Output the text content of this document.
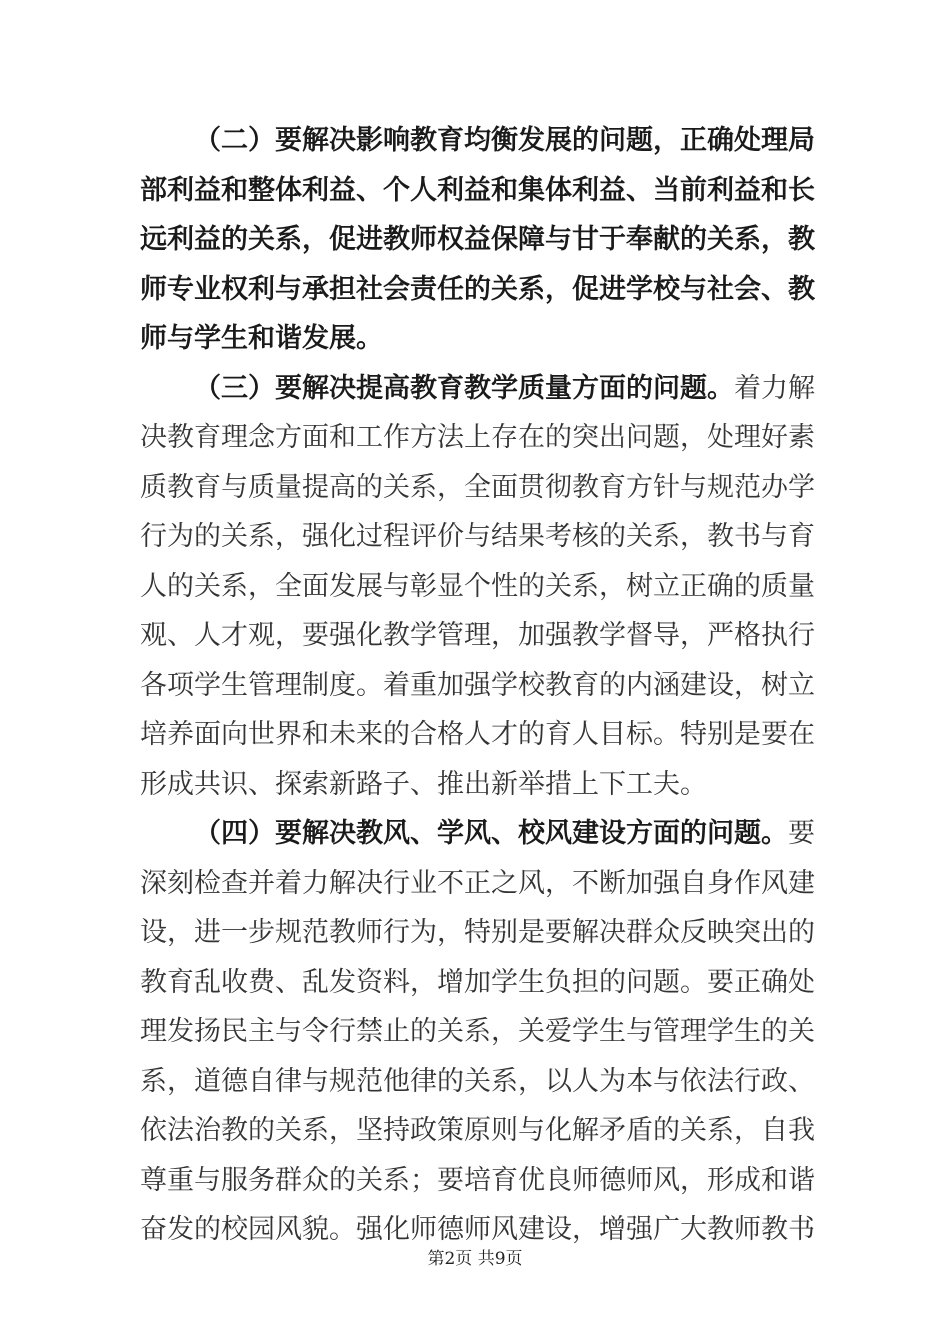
（二）要解决影响教育均衡发展的问题，正确处理局
部利益和整体利益、个人利益和集体利益、当前利益和长
远利益的关系，促进教师权益保障与甘于奉献的关系，教
师专业权利与承担社会责任的关系，促进学校与社会、教
师与学生和谐发展。
（三）要解决提高教育教学质量方面的问题。着力解
决教育理念方面和工作方法上存在的突出问题，处理好素
质教育与质量提高的关系，全面贯彻教育方针与规范办学
行为的关系，强化过程评价与结果考核的关系，教书与育
人的关系，全面发展与彰显个性的关系，树立正确的质量
观、人才观，要强化教学管理，加强教学督导，严格执行
各项学生管理制度。着重加强学校教育的内涵建设，树立
培养面向世界和未来的合格人才的育人目标。特别是要在
形成共识、探索新路子、推出新举措上下工夫。
（四）要解决教风、学风、校风建设方面的问题。要
深刻检查并着力解决行业不正之风，不断加强自身作风建
设，进一步规范教师行为，特别是要解决群众反映突出的
教育乱收费、乱发资料，增加学生负担的问题。要正确处
理发扬民主与令行禁止的关系，关爱学生与管理学生的关
系，道德自律与规范他律的关系，以人为本与依法行政、
依法治教的关系，坚持政策原则与化解矛盾的关系，自我
尊重与服务群众的关系；要培育优良师德师风，形成和谐
奋发的校园风貌。强化师德师风建设，增强广大教师教书
第2页 共9页
